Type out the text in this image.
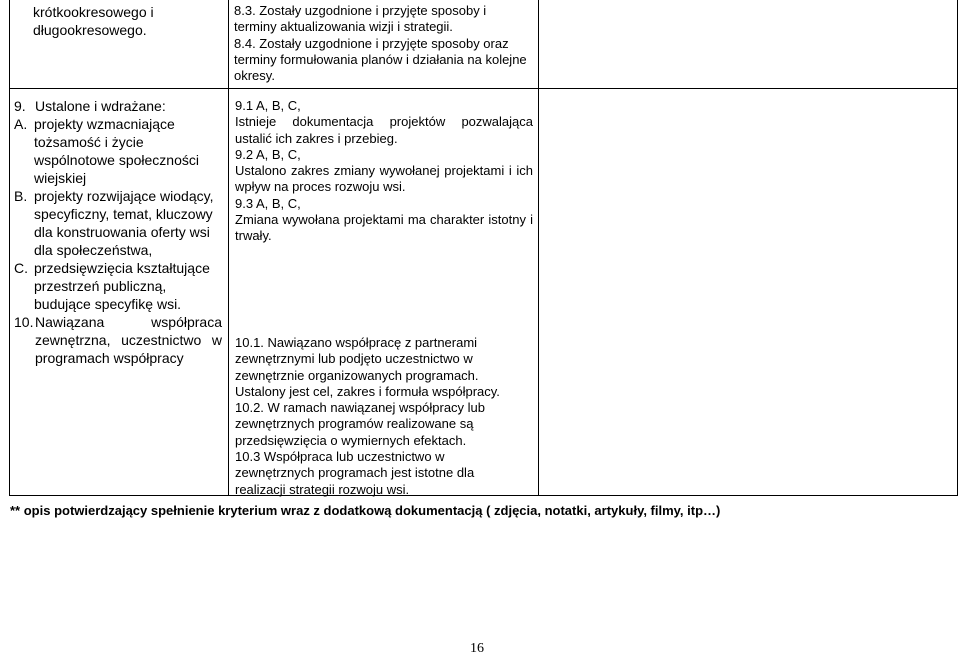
krótkookresowego i długookresowego.
8.3. Zostały uzgodnione i przyjęte sposoby i terminy aktualizowania wizji i strategii.
8.4. Zostały uzgodnione i przyjęte sposoby oraz terminy formułowania planów i działania na kolejne okresy.
9. Ustalone i wdrażane:
A. projekty wzmacniające tożsamość i życie wspólnotowe społeczności wiejskiej
B. projekty rozwijające wiodący, specyficzny, temat, kluczowy dla konstruowania oferty wsi dla społeczeństwa,
C. przedsięwzięcia kształtujące przestrzeń publiczną, budujące specyfikę wsi.
10. Nawiązana współpraca zewnętrzna, uczestnictwo w programach współpracy
9.1 A, B, C,
Istnieje dokumentacja projektów pozwalająca ustalić ich zakres i przebieg.
9.2 A, B, C,
Ustalono zakres zmiany wywołanej projektami i ich wpływ na proces rozwoju wsi.
9.3 A, B, C,
Zmiana wywołana projektami ma charakter istotny i trwały.
10.1. Nawiązano współpracę z partnerami zewnętrznymi lub podjęto uczestnictwo w zewnętrznie organizowanych programach. Ustalony jest cel, zakres i formuła współpracy.
10.2. W ramach nawiązanej współpracy lub zewnętrznych programów realizowane są przedsięwzięcia o wymiernych efektach.
10.3 Współpraca lub uczestnictwo w zewnętrznych programach jest istotne dla realizacji strategii rozwoju wsi.
** opis potwierdzający spełnienie kryterium wraz z dodatkową dokumentacją ( zdjęcia, notatki, artykuły, filmy, itp…)
16
